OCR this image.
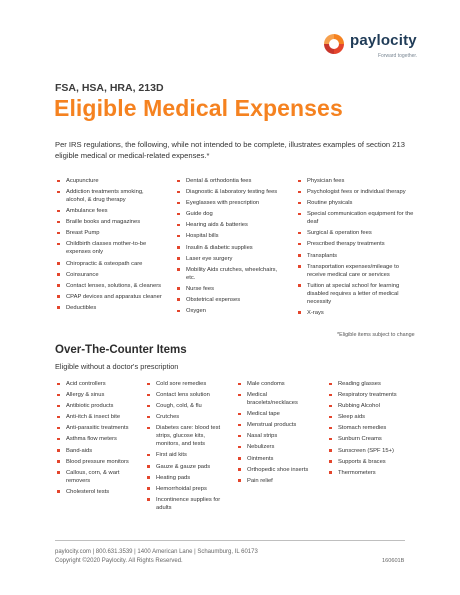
paylocity
Forward together.
FSA, HSA, HRA, 213D
Eligible Medical Expenses
Per IRS regulations, the following, while not intended to be complete, illustrates examples of section 213 eligible medical or medical-related expenses.*
Acupuncture
Addiction treatments smoking, alcohol, & drug therapy
Ambulance fees
Braille books and magazines
Breast Pump
Childbirth classes mother-to-be expenses only
Chiropractic & osteopath care
Coinsurance
Contact lenses, solutions, & cleaners
CPAP devices and apparatus cleaner
Deductibles
Dental & orthodontia fees
Diagnostic & laboratory testing fees
Eyeglasses with prescription
Guide dog
Hearing aids & batteries
Hospital bills
Insulin & diabetic supplies
Laser eye surgery
Mobility Aids crutches, wheelchairs, etc.
Nurse fees
Obstetrical expenses
Oxygen
Physician fees
Psychologist fees or individual therapy
Routine physicals
Special communication equipment for the deaf
Surgical & operation fees
Prescribed therapy treatments
Transplants
Transportation expenses/mileage to receive medical care or services
Tuition at special school for learning disabled requires a letter of medical necessity
X-rays
*Eligible items subject to change
Over-The-Counter Items
Eligible without a doctor's prescription
Acid controllers
Allergy & sinus
Antibiotic products
Anti-itch & insect bite
Anti-parasitic treatments
Asthma flow meters
Band-aids
Blood pressure monitors
Callous, corn, & wart removers
Cholesterol tests
Cold sore remedies
Contact lens solution
Cough, cold, & flu
Crutches
Diabetes care: blood test strips, glucose kits, monitors, and tests
First aid kits
Gauze & gauze pads
Heating pads
Hemorrhoidal preps
Incontinence supplies for adults
Male condoms
Medical bracelets/necklaces
Medical tape
Menstrual products
Nasal strips
Nebulizers
Ointments
Orthopedic shoe inserts
Pain relief
Reading glasses
Respiratory treatments
Rubbing Alcohol
Sleep aids
Stomach remedies
Sunburn Creams
Sunscreen (SPF 15+)
Supports & braces
Thermometers
paylocity.com | 800.631.3539 | 1400 American Lane | Schaumburg, IL 60173
Copyright ©2020 Paylocity. All Rights Reserved.	160601B
